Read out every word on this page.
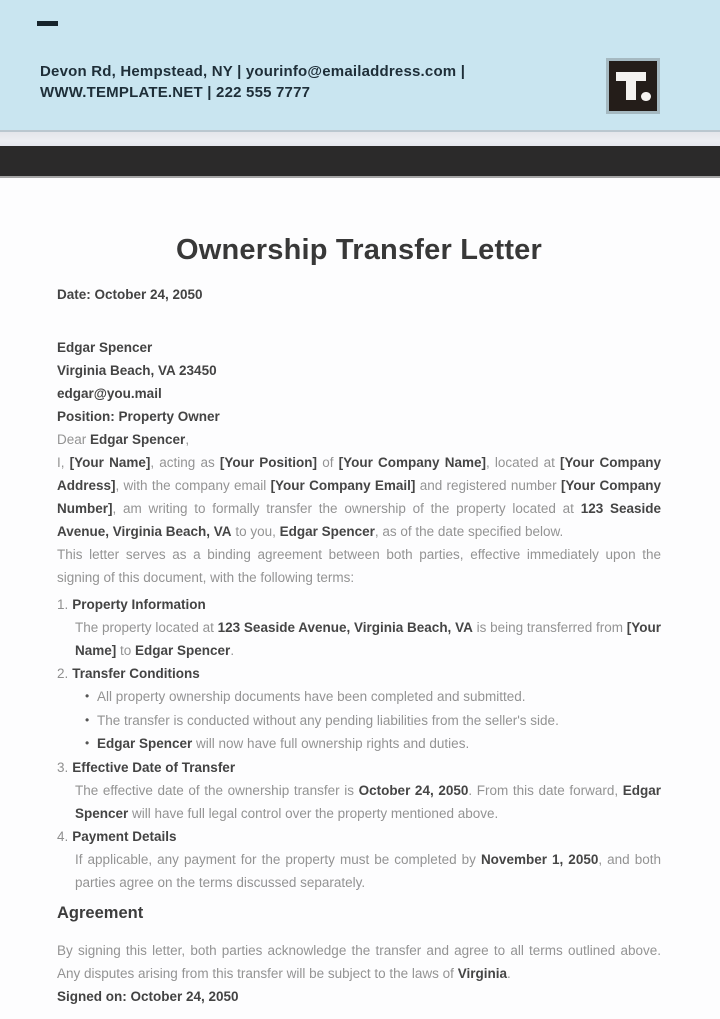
Devon Rd, Hempstead, NY | yourinfo@emailaddress.com |
WWW.TEMPLATE.NET | 222 555 7777
Ownership Transfer Letter

Date: October 24, 2050

Edgar Spencer
Virginia Beach, VA 23450
edgar@you.mail
Position: Property Owner

Dear Edgar Spencer,

I, [Your Name], acting as [Your Position] of [Your Company Name], located at [Your Company Address], with the company email [Your Company Email] and registered number [Your Company Number], am writing to formally transfer the ownership of the property located at 123 Seaside Avenue, Virginia Beach, VA to you, Edgar Spencer, as of the date specified below.

This letter serves as a binding agreement between both parties, effective immediately upon the signing of this document, with the following terms:

1. Property Information
The property located at 123 Seaside Avenue, Virginia Beach, VA is being transferred from [Your Name] to Edgar Spencer.
2. Transfer Conditions
• All property ownership documents have been completed and submitted.
• The transfer is conducted without any pending liabilities from the seller's side.
• Edgar Spencer will now have full ownership rights and duties.
3. Effective Date of Transfer
The effective date of the ownership transfer is October 24, 2050. From this date forward, Edgar Spencer will have full legal control over the property mentioned above.
4. Payment Details
If applicable, any payment for the property must be completed by November 1, 2050, and both parties agree on the terms discussed separately.
Agreement

By signing this letter, both parties acknowledge the transfer and agree to all terms outlined above. Any disputes arising from this transfer will be subject to the laws of Virginia.

Signed on: October 24, 2050
